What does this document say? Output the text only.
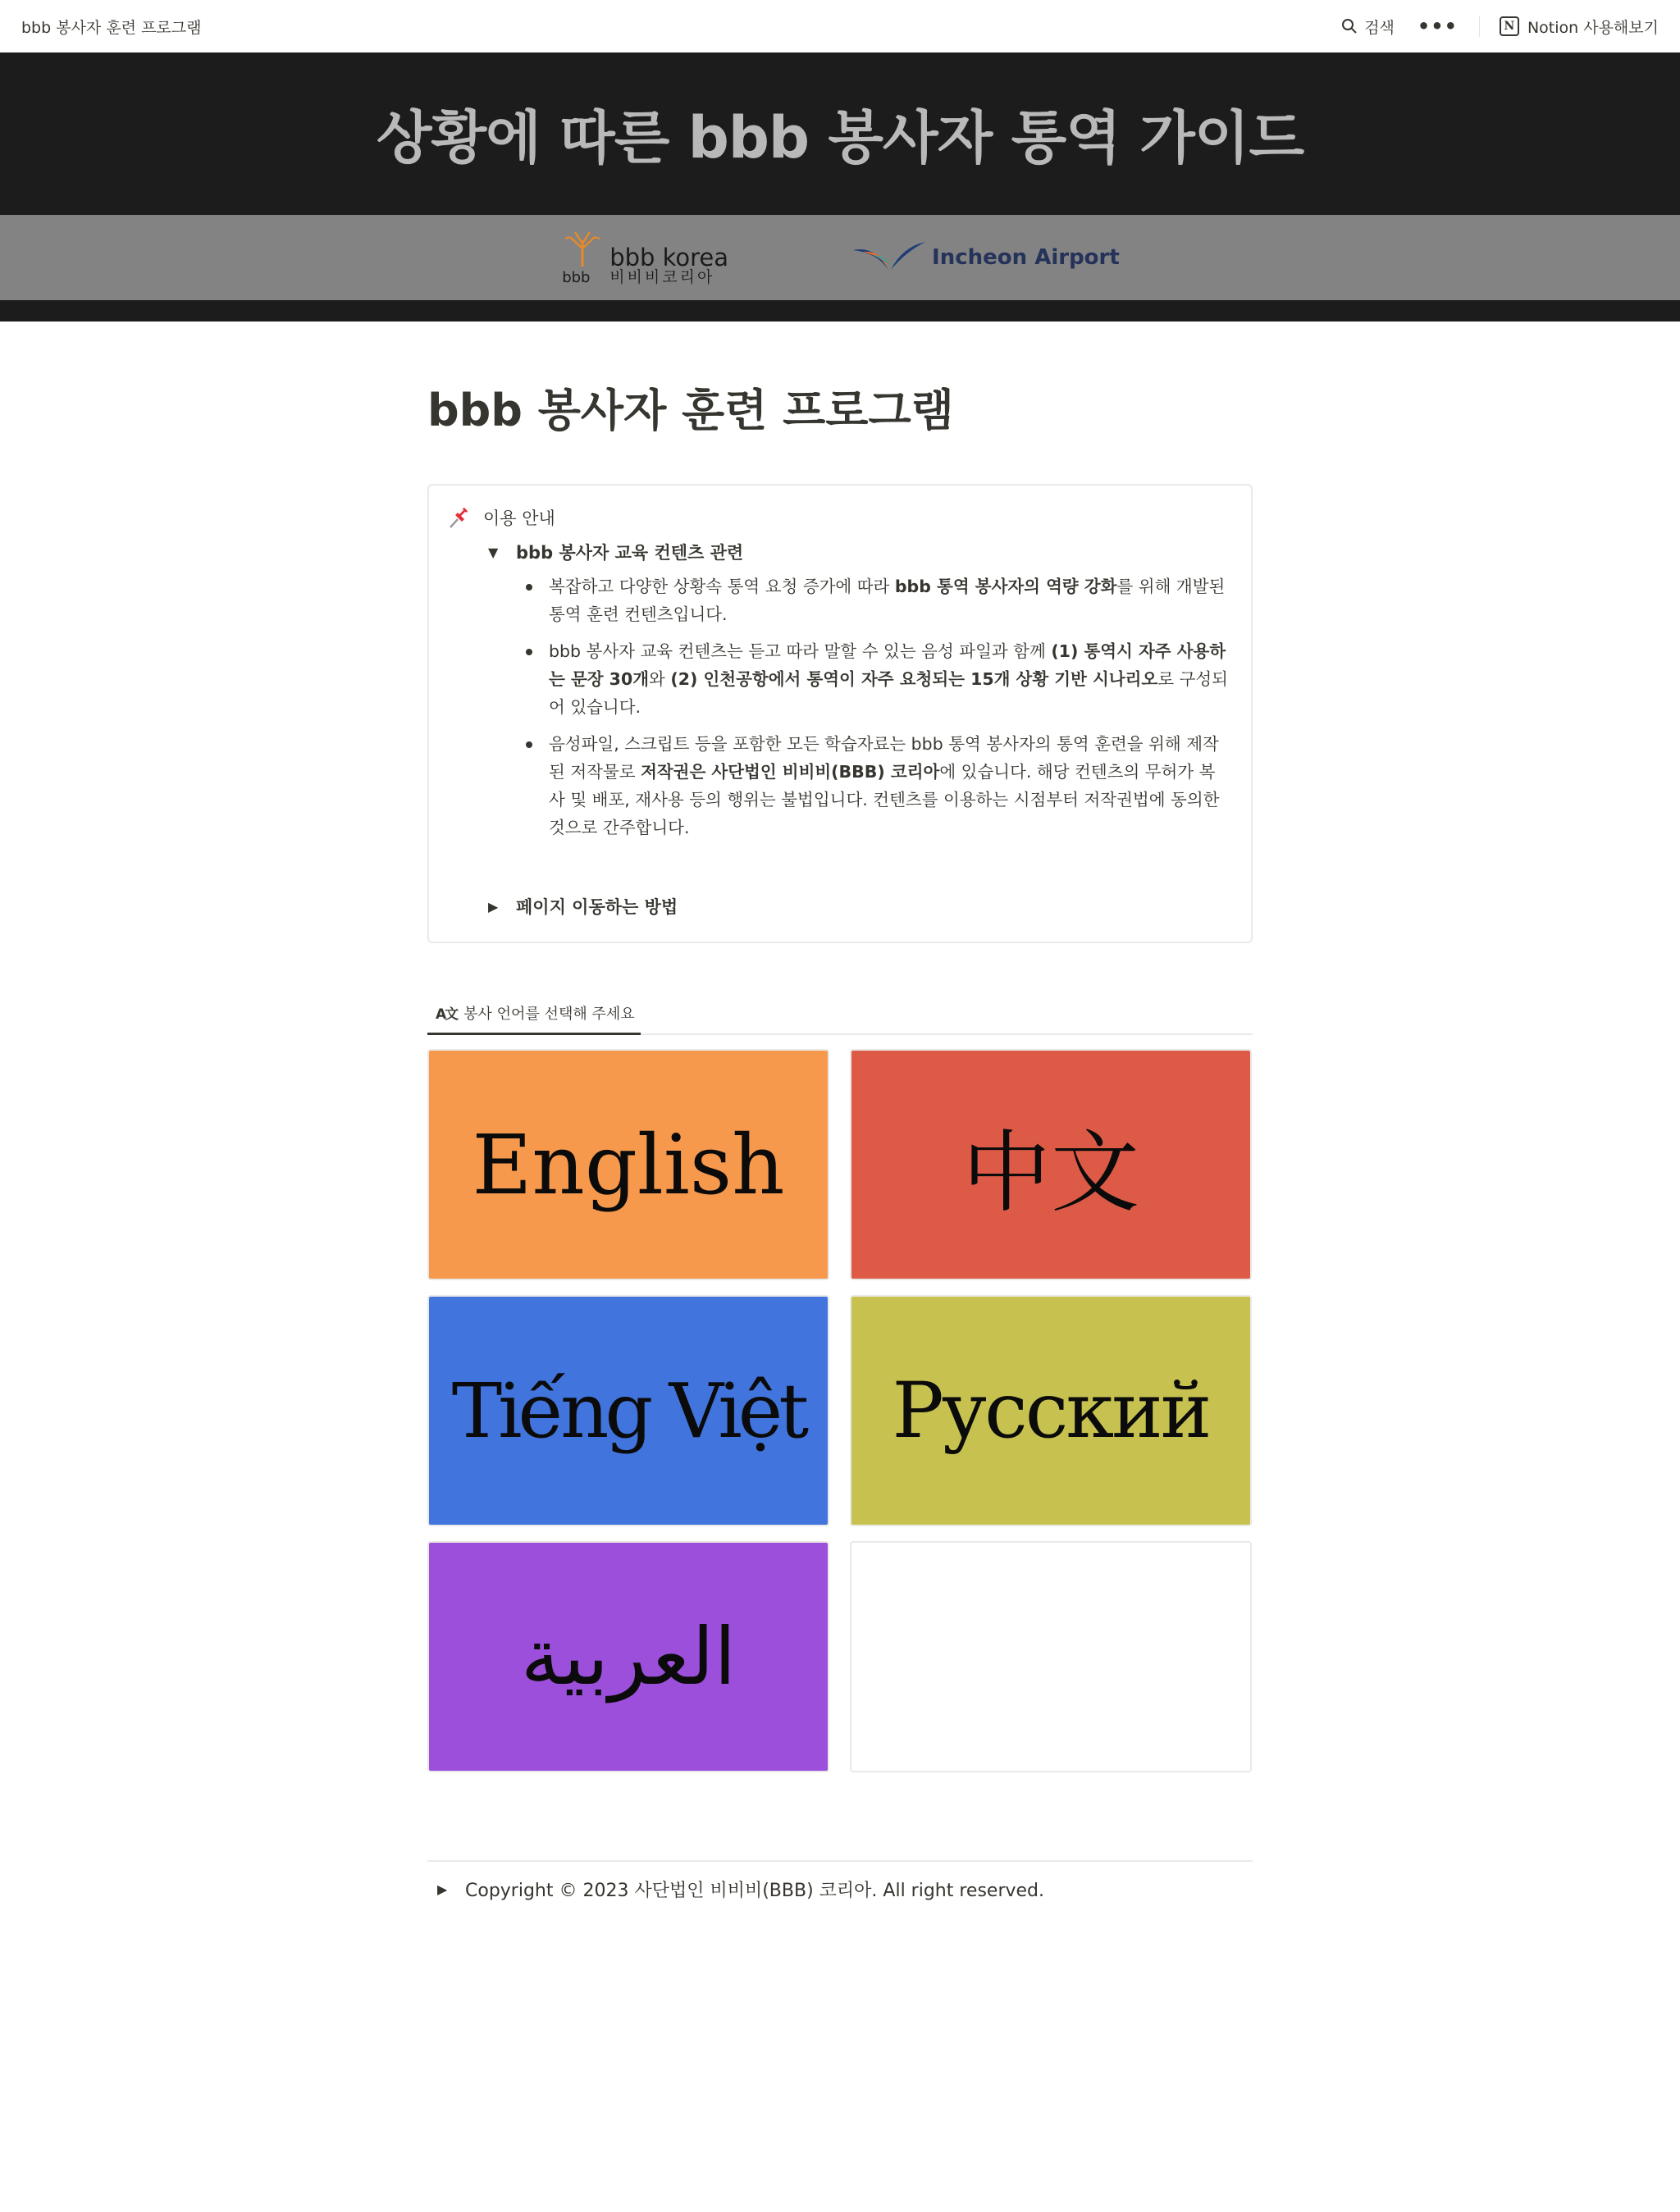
bbb 봉사자 훈련 프로그램	검색	•••	N Notion 사용해보기
상황에 따른 bbb 봉사자 통역 가이드
bbb
bbb korea
비비비코리아
Incheon Airport
bbb 봉사자 훈련 프로그램
이용 안내
▼ bbb 봉사자 교육 컨텐츠 관련
복잡하고 다양한 상황속 통역 요청 증가에 따라 bbb 통역 봉사자의 역량 강화를 위해 개발된 통역 훈련 컨텐츠입니다.
bbb 봉사자 교육 컨텐츠는 듣고 따라 말할 수 있는 음성 파일과 함께 (1) 통역시 자주 사용하는 문장 30개와 (2) 인천공항에서 통역이 자주 요청되는 15개 상황 기반 시나리오로 구성되어 있습니다.
음성파일, 스크립트 등을 포함한 모든 학습자료는 bbb 통역 봉사자의 통역 훈련을 위해 제작된 저작물로 저작권은 사단법인 비비비(BBB) 코리아에 있습니다. 해당 컨텐츠의 무허가 복사 및 배포, 재사용 등의 행위는 불법입니다. 컨텐츠를 이용하는 시점부터 저작권법에 동의한 것으로 간주합니다.
▶ 페이지 이동하는 방법
A文 봉사 언어를 선택해 주세요
English 中文
Tiếng Việt Русский
العربية
▶ Copyright © 2023 사단법인 비비비(BBB) 코리아. All right reserved.
